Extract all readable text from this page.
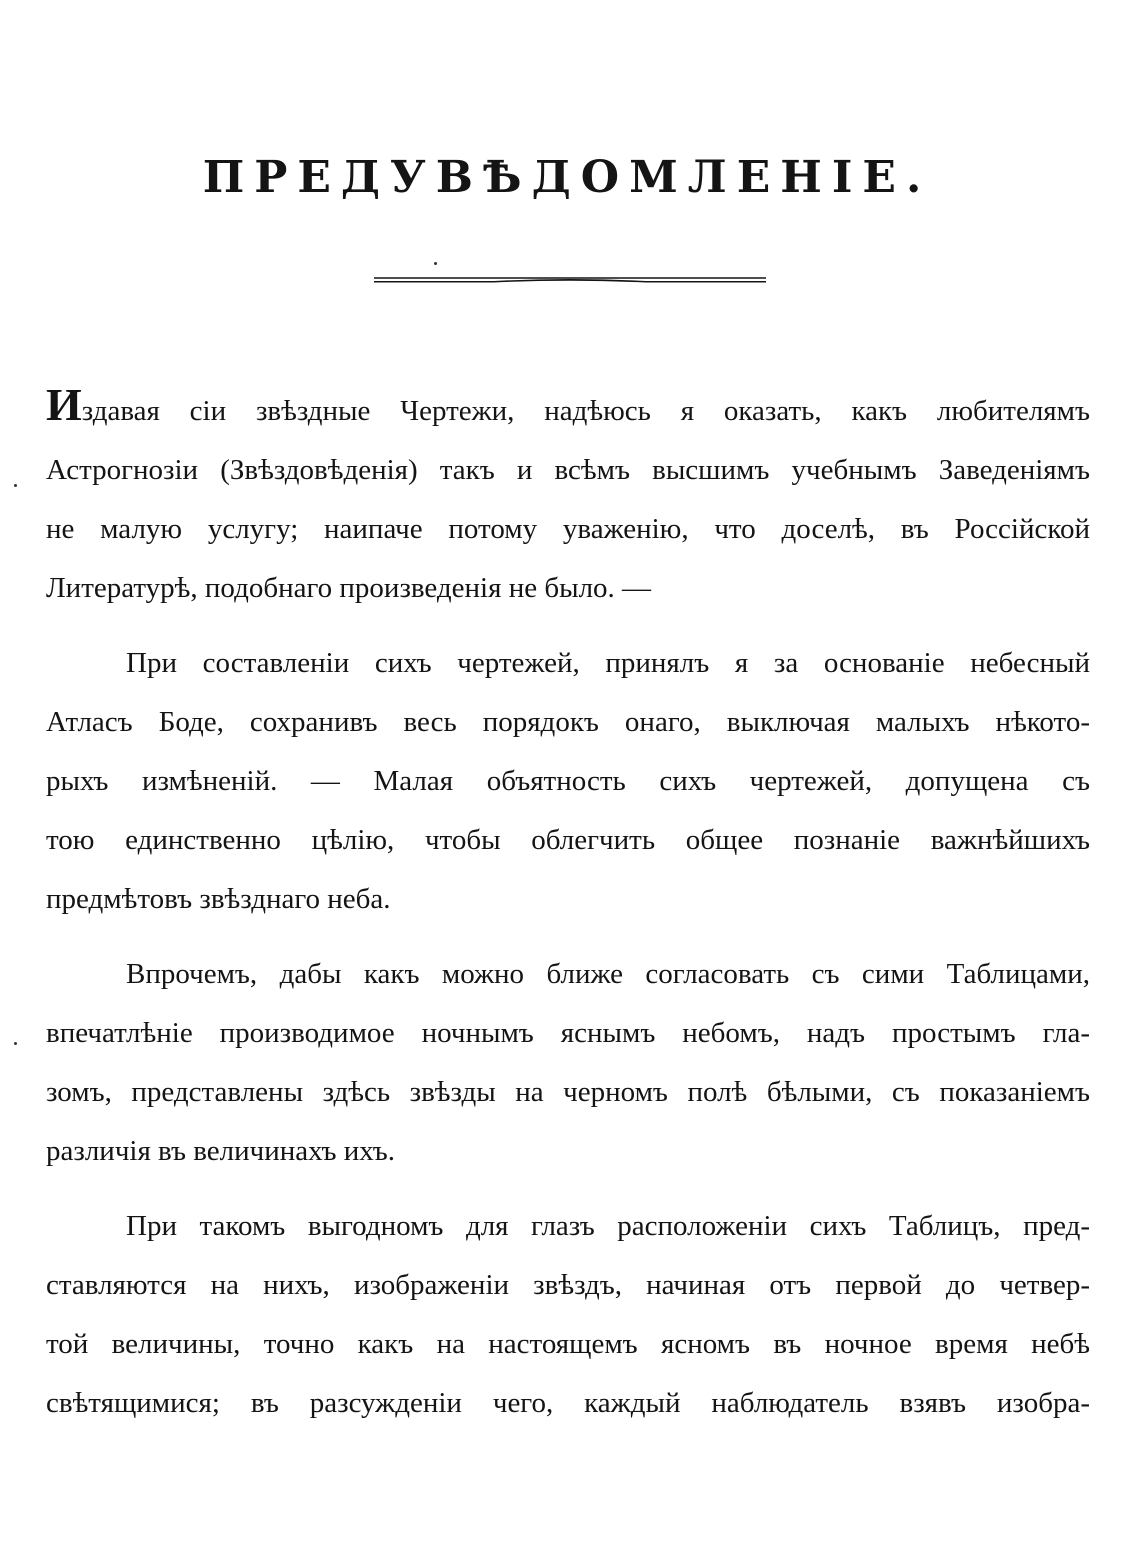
ПРЕДУВѢДОМЛЕНІЕ.
Издавая сіи звѣздные Чертежи, надѣюсь я оказать, какъ любителямъ
Астрогнозіи (Звѣздовѣденія) такъ и всѣмъ высшимъ учебнымъ Заведеніямъ
не малую услугу; наипаче потому уваженію, что доселѣ, въ Россійской
Литературѣ, подобнаго произведенія не было. —
При составленіи сихъ чертежей, принялъ я за основаніе небесный
Атласъ Боде, сохранивъ весь порядокъ онаго, выключая малыхъ нѣкото-
рыхъ измѣненій. — Малая объятность сихъ чертежей, допущена съ
тою единственно цѣлію, чтобы облегчить общее познаніе важнѣйшихъ
предмѣтовъ звѣзднаго неба.
Впрочемъ, дабы какъ можно ближе согласовать съ сими Таблицами,
впечатлѣніе производимое ночнымъ яснымъ небомъ, надъ простымъ гла-
зомъ, представлены здѣсь звѣзды на черномъ полѣ бѣлыми, съ показаніемъ
различія въ величинахъ ихъ.
При такомъ выгодномъ для глазъ расположеніи сихъ Таблицъ, пред-
ставляются на нихъ, изображеніи звѣздъ, начиная отъ первой до четвер-
той величины, точно какъ на настоящемъ ясномъ въ ночное время небѣ
свѣтящимися; въ разсужденіи чего, каждый наблюдатель взявъ изобра-
